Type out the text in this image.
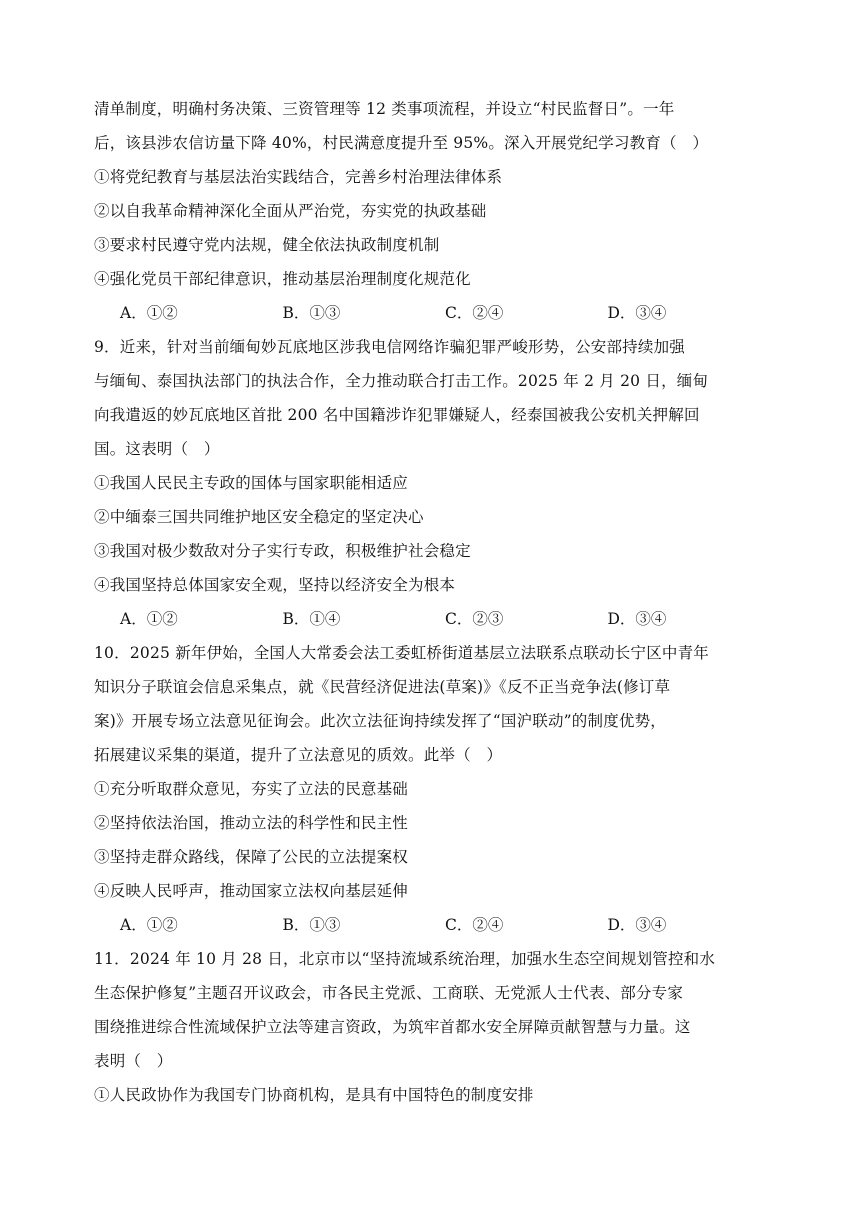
清单制度，明确村务决策、三资管理等 12 类事项流程，并设立“村民监督日”。一年
后，该县涉农信访量下降 40%，村民满意度提升至 95%。深入开展党纪学习教育（　）
①将党纪教育与基层法治实践结合，完善乡村治理法律体系
②以自我革命精神深化全面从严治党，夯实党的执政基础
③要求村民遵守党内法规，健全依法执政制度机制
④强化党员干部纪律意识，推动基层治理制度化规范化
A．①②	B．①③	C．②④	D．③④
9．近来，针对当前缅甸妙瓦底地区涉我电信网络诈骗犯罪严峻形势，公安部持续加强
与缅甸、泰国执法部门的执法合作，全力推动联合打击工作。2025 年 2 月 20 日，缅甸
向我遣返的妙瓦底地区首批 200 名中国籍涉诈犯罪嫌疑人，经泰国被我公安机关押解回
国。这表明（　）
①我国人民民主专政的国体与国家职能相适应
②中缅泰三国共同维护地区安全稳定的坚定决心
③我国对极少数敌对分子实行专政，积极维护社会稳定
④我国坚持总体国家安全观，坚持以经济安全为根本
A．①②	B．①④	C．②③	D．③④
10．2025 新年伊始，全国人大常委会法工委虹桥街道基层立法联系点联动长宁区中青年
知识分子联谊会信息采集点，就《民营经济促进法(草案)》《反不正当竞争法(修订草
案)》开展专场立法意见征询会。此次立法征询持续发挥了“国沪联动”的制度优势，
拓展建议采集的渠道，提升了立法意见的质效。此举（　）
①充分听取群众意见，夯实了立法的民意基础
②坚持依法治国，推动立法的科学性和民主性
③坚持走群众路线，保障了公民的立法提案权
④反映人民呼声，推动国家立法权向基层延伸
A．①②	B．①③	C．②④	D．③④
11．2024 年 10 月 28 日，北京市以“坚持流域系统治理，加强水生态空间规划管控和水
生态保护修复”主题召开议政会，市各民主党派、工商联、无党派人士代表、部分专家
围绕推进综合性流域保护立法等建言资政，为筑牢首都水安全屏障贡献智慧与力量。这
表明（　）
①人民政协作为我国专门协商机构，是具有中国特色的制度安排
